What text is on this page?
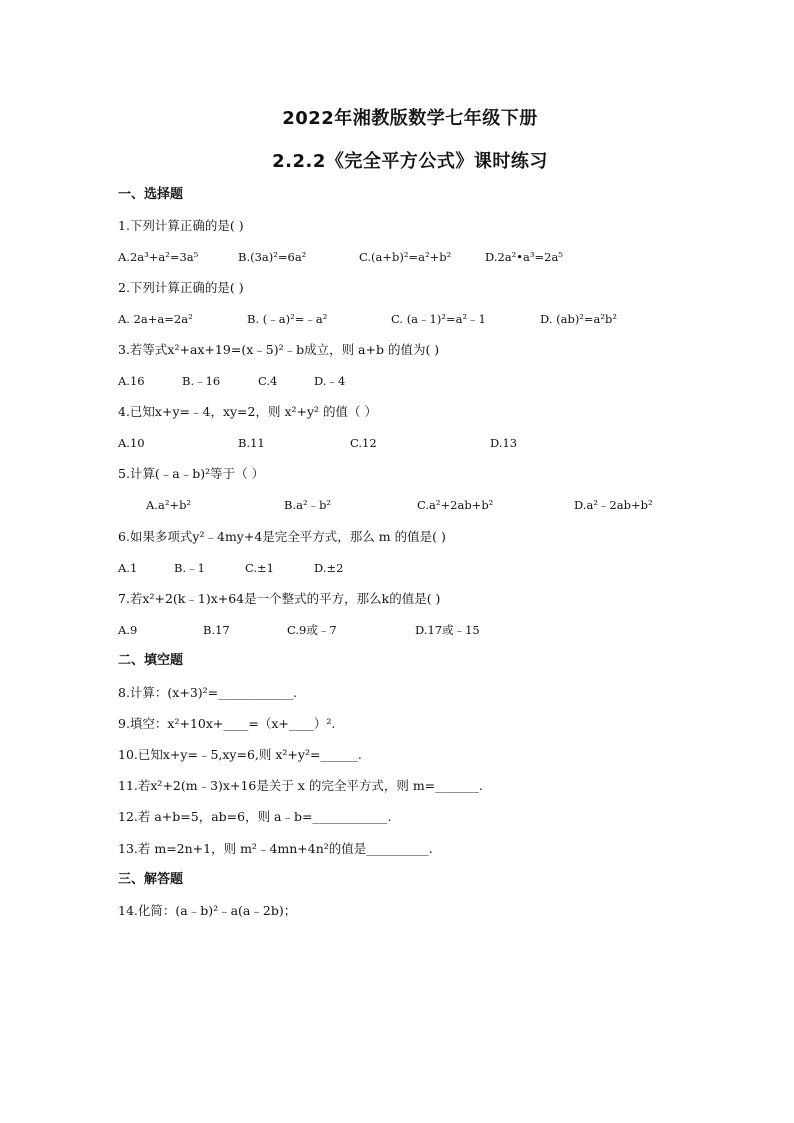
2022年湘教版数学七年级下册
2.2.2《完全平方公式》课时练习
一、选择题
1.下列计算正确的是( )
A.2a³+a²=3a⁵	B.(3a)²=6a²	C.(a+b)²=a²+b²	D.2a²•a³=2a⁵
2.下列计算正确的是( )
A. 2a+a=2a²	B. (﹣a)²=﹣a²	C. (a﹣1)²=a²﹣1	D. (ab)²=a²b²
3.若等式x²+ax+19=(x﹣5)²﹣b成立，则 a+b 的值为( )
A.16	B.﹣16	C.4	D.﹣4
4.已知x+y=﹣4，xy=2，则 x²+y² 的值（ ）
A.10	B.11	C.12	D.13
5.计算(﹣a﹣b)²等于（ ）
A.a²+b²	B.a²﹣b²	C.a²+2ab+b²	D.a²﹣2ab+b²
6.如果多项式y²﹣4my+4是完全平方式，那么 m 的值是( )
A.1	B.﹣1	C.±1	D.±2
7.若x²+2(k﹣1)x+64是一个整式的平方，那么k的值是( )
A.9	B.17	C.9或﹣7	D.17或﹣15
二、填空题
8.计算：(x+3)²=____________.
9.填空：x²+10x+____=（x+____）².
10.已知x+y=﹣5,xy=6,则 x²+y²=______.
11.若x²+2(m﹣3)x+16是关于 x 的完全平方式，则 m=_______.
12.若 a+b=5，ab=6，则 a﹣b=____________.
13.若 m=2n+1，则 m²﹣4mn+4n²的值是__________.
三、解答题
14.化简：(a﹣b)²﹣a(a﹣2b)；
